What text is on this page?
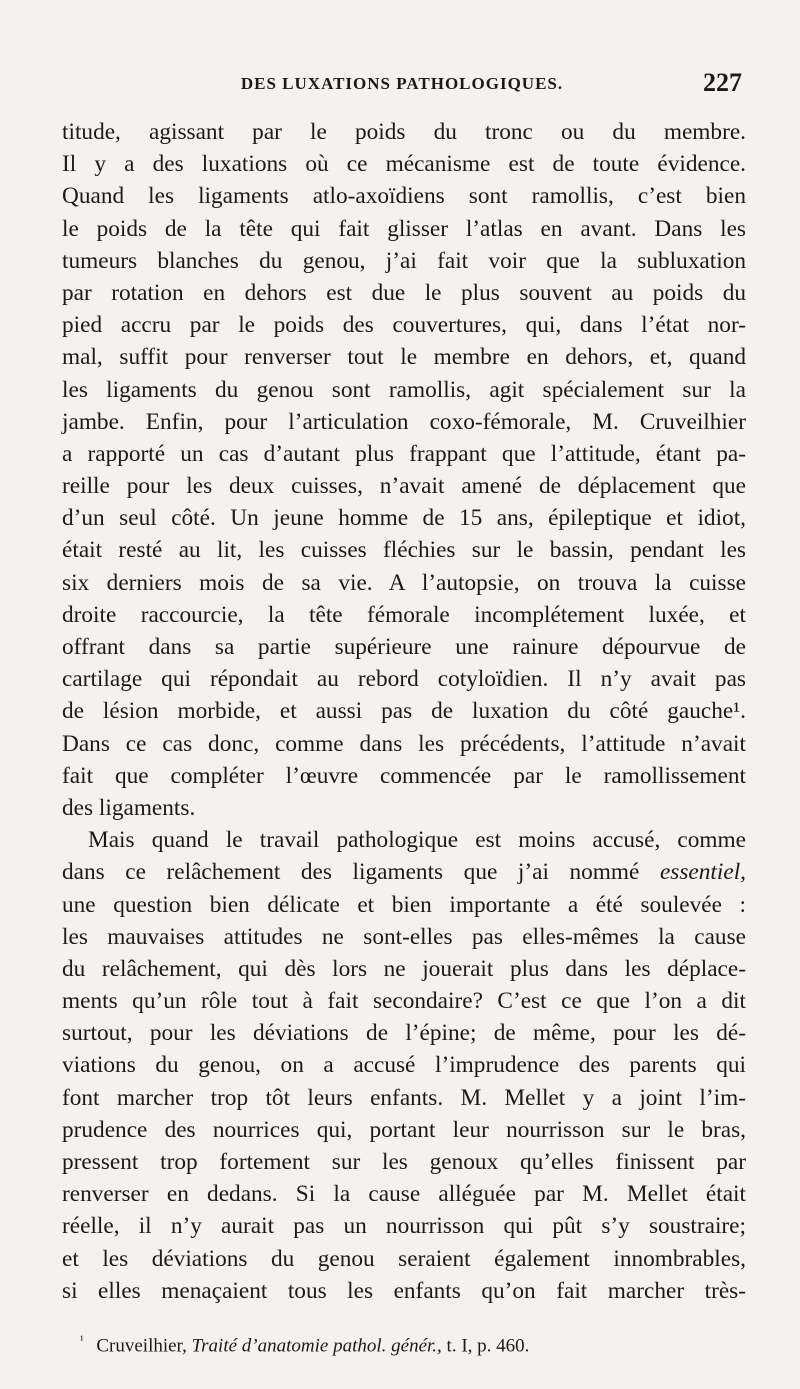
DES LUXATIONS PATHOLOGIQUES.	227
titude, agissant par le poids du tronc ou du membre.
Il y a des luxations où ce mécanisme est de toute évidence.
Quand les ligaments atlo-axoïdiens sont ramollis, c’est bien
le poids de la tête qui fait glisser l’atlas en avant. Dans les
tumeurs blanches du genou, j’ai fait voir que la subluxation
par rotation en dehors est due le plus souvent au poids du
pied accru par le poids des couvertures, qui, dans l’état nor-
mal, suffit pour renverser tout le membre en dehors, et, quand
les ligaments du genou sont ramollis, agit spécialement sur la
jambe. Enfin, pour l’articulation coxo-fémorale, M. Cruveilhier
a rapporté un cas d’autant plus frappant que l’attitude, étant pa-
reille pour les deux cuisses, n’avait amené de déplacement que
d’un seul côté. Un jeune homme de 15 ans, épileptique et idiot,
était resté au lit, les cuisses fléchies sur le bassin, pendant les
six derniers mois de sa vie. A l’autopsie, on trouva la cuisse
droite raccourcie, la tête fémorale incomplétement luxée, et
offrant dans sa partie supérieure une rainure dépourvue de
cartilage qui répondait au rebord cotyloïdien. Il n’y avait pas
de lésion morbide, et aussi pas de luxation du côté gauche¹.
Dans ce cas donc, comme dans les précédents, l’attitude n’avait
fait que compléter l’œuvre commencée par le ramollissement
des ligaments.
Mais quand le travail pathologique est moins accusé, comme
dans ce relâchement des ligaments que j’ai nommé essentiel,
une question bien délicate et bien importante a été soulevée :
les mauvaises attitudes ne sont-elles pas elles-mêmes la cause
du relâchement, qui dès lors ne jouerait plus dans les déplace-
ments qu’un rôle tout à fait secondaire? C’est ce que l’on a dit
surtout, pour les déviations de l’épine; de même, pour les dé-
viations du genou, on a accusé l’imprudence des parents qui
font marcher trop tôt leurs enfants. M. Mellet y a joint l’im-
prudence des nourrices qui, portant leur nourrisson sur le bras,
pressent trop fortement sur les genoux qu’elles finissent par
renverser en dedans. Si la cause alléguée par M. Mellet était
réelle, il n’y aurait pas un nourrisson qui pût s’y soustraire;
et les déviations du genou seraient également innombrables,
si elles menaçaient tous les enfants qu’on fait marcher très-
$^{^1}$ Cruveilhier, Traité d’anatomie pathol. génér., t. I, p. 460.
